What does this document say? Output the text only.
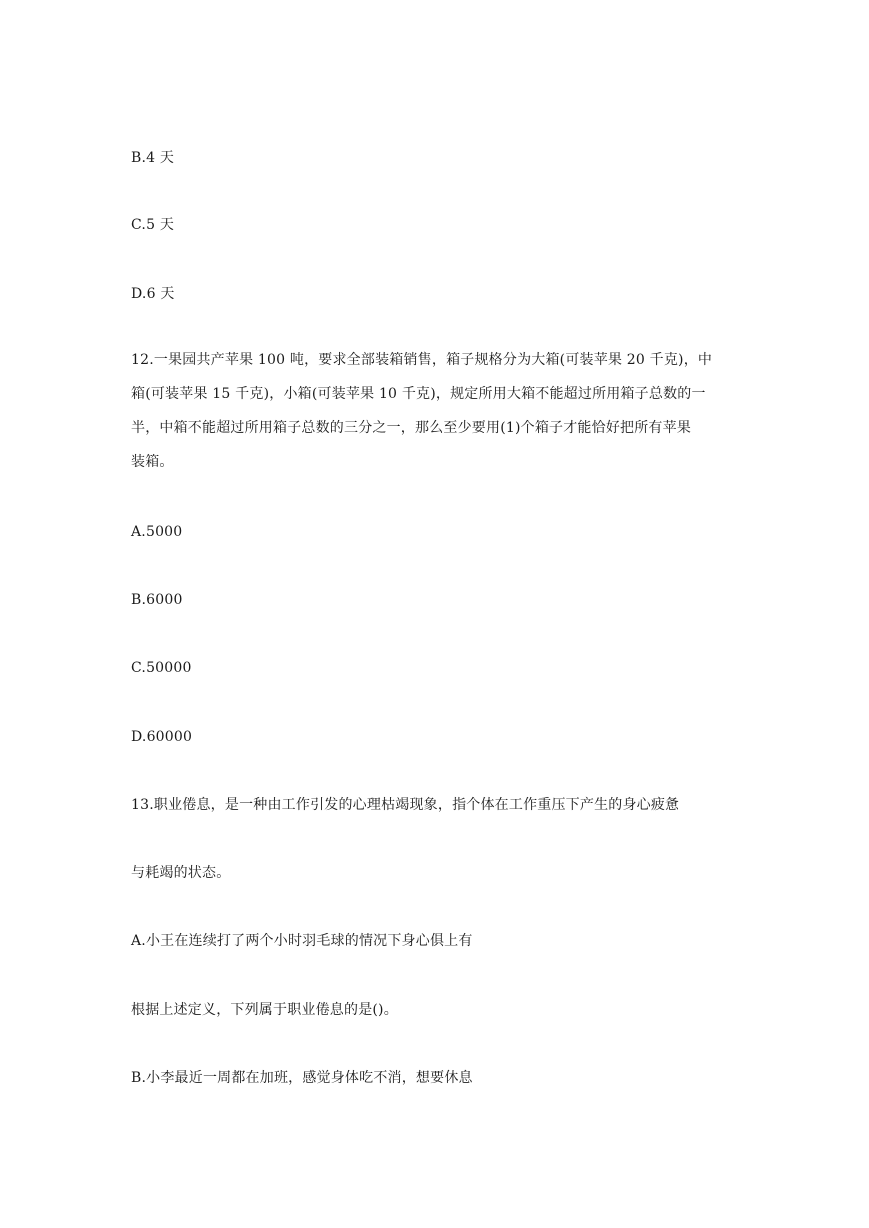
B.4 天
C.5 天
D.6 天
12.一果园共产苹果 100 吨，要求全部装箱销售，箱子规格分为大箱(可装苹果 20 千克)，中
箱(可装苹果 15 千克)，小箱(可装苹果 10 千克)，规定所用大箱不能超过所用箱子总数的一
半，中箱不能超过所用箱子总数的三分之一，那么至少要用(1)个箱子才能恰好把所有苹果
装箱。
A.5000
B.6000
C.50000
D.60000
13.职业倦息，是一种由工作引发的心理枯竭现象，指个体在工作重压下产生的身心疲惫
与耗竭的状态。
A.小王在连续打了两个小时羽毛球的情况下身心俱上有
根据上述定义，下列属于职业倦息的是()。
B.小李最近一周都在加班，感觉身体吃不消，想要休息
